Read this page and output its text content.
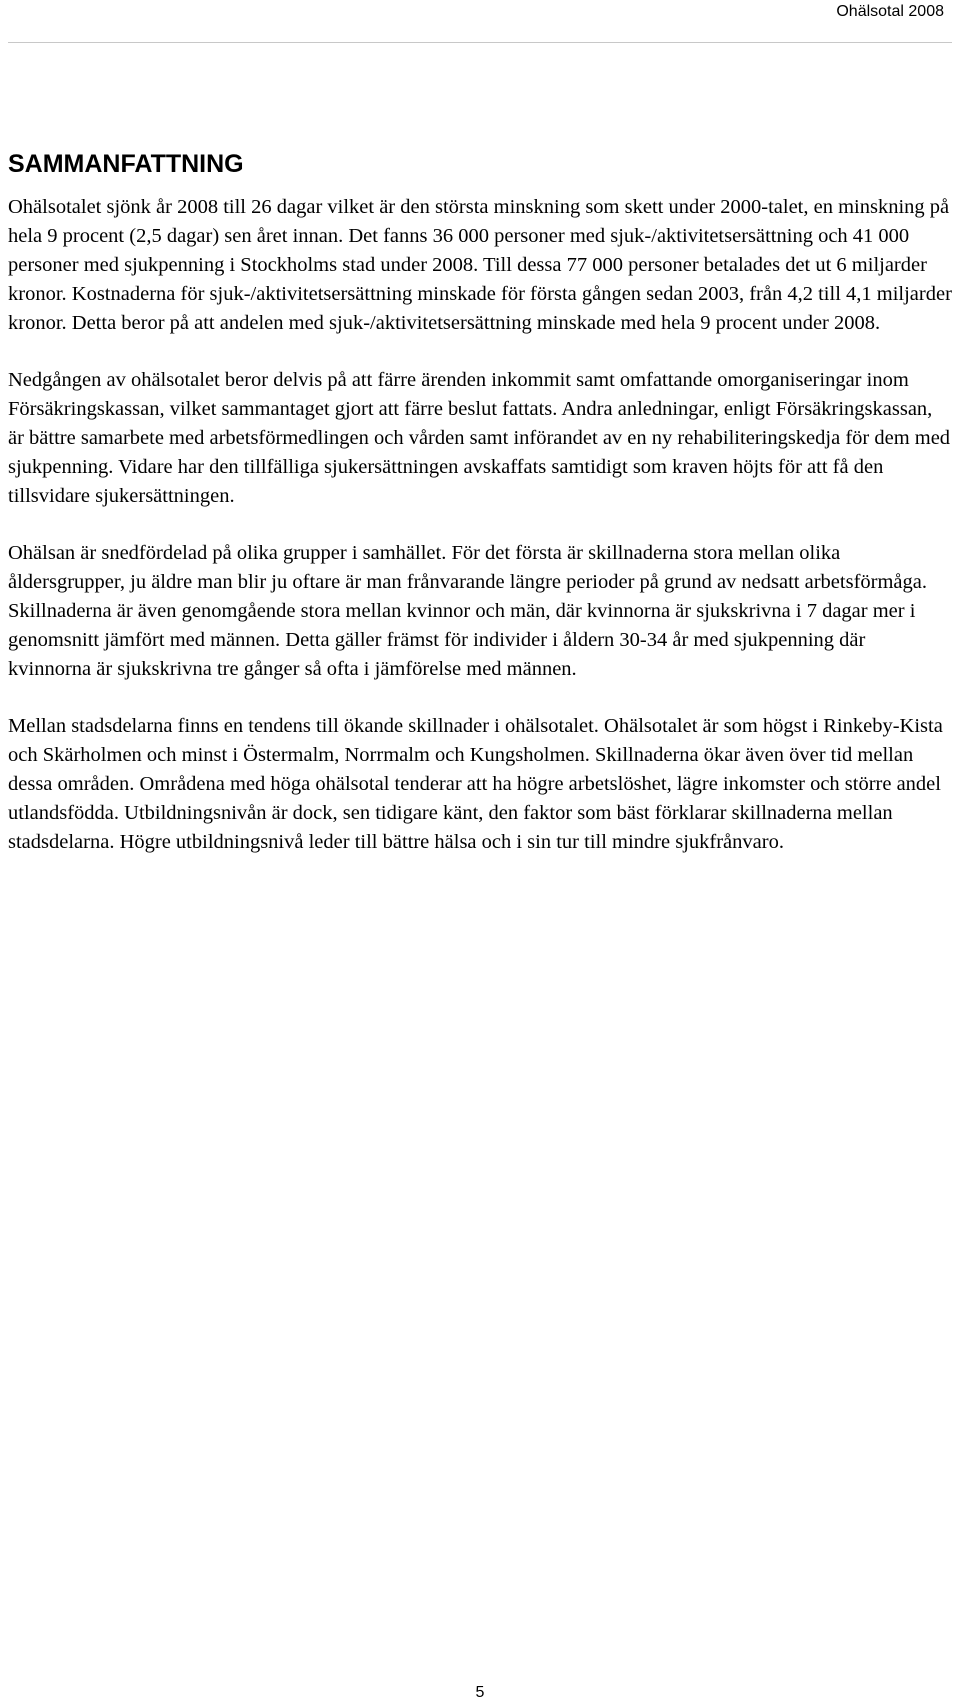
Ohälsotal 2008
SAMMANFATTNING

Ohälsotalet sjönk år 2008 till 26 dagar vilket är den största minskning som skett under 2000-talet, en minskning på hela 9 procent (2,5 dagar) sen året innan. Det fanns 36 000 personer med sjuk-/aktivitetsersättning och 41 000 personer med sjukpenning i Stockholms stad under 2008. Till dessa 77 000 personer betalades det ut 6 miljarder kronor. Kostnaderna för sjuk-/aktivitetsersättning minskade för första gången sedan 2003, från 4,2 till 4,1 miljarder kronor. Detta beror på att andelen med sjuk-/aktivitetsersättning minskade med hela 9 procent under 2008.

Nedgången av ohälsotalet beror delvis på att färre ärenden inkommit samt omfattande omorganiseringar inom Försäkringskassan, vilket sammantaget gjort att färre beslut fattats. Andra anledningar, enligt Försäkringskassan, är bättre samarbete med arbetsförmedlingen och vården samt införandet av en ny rehabiliteringskedja för dem med sjukpenning. Vidare har den tillfälliga sjukersättningen avskaffats samtidigt som kraven höjts för att få den tillsvidare sjukersättningen.

Ohälsan är snedfördelad på olika grupper i samhället. För det första är skillnaderna stora mellan olika åldersgrupper, ju äldre man blir ju oftare är man frånvarande längre perioder på grund av nedsatt arbetsförmåga. Skillnaderna är även genomgående stora mellan kvinnor och män, där kvinnorna är sjukskrivna i 7 dagar mer i genomsnitt jämfört med männen. Detta gäller främst för individer i åldern 30-34 år med sjukpenning där kvinnorna är sjukskrivna tre gånger så ofta i jämförelse med männen.

Mellan stadsdelarna finns en tendens till ökande skillnader i ohälsotalet. Ohälsotalet är som högst i Rinkeby-Kista och Skärholmen och minst i Östermalm, Norrmalm och Kungsholmen. Skillnaderna ökar även över tid mellan dessa områden. Områdena med höga ohälsotal tenderar att ha högre arbetslöshet, lägre inkomster och större andel utlandsfödda. Utbildningsnivån är dock, sen tidigare känt, den faktor som bäst förklarar skillnaderna mellan stadsdelarna. Högre utbildningsnivå leder till bättre hälsa och i sin tur till mindre sjukfrånvaro.

5
